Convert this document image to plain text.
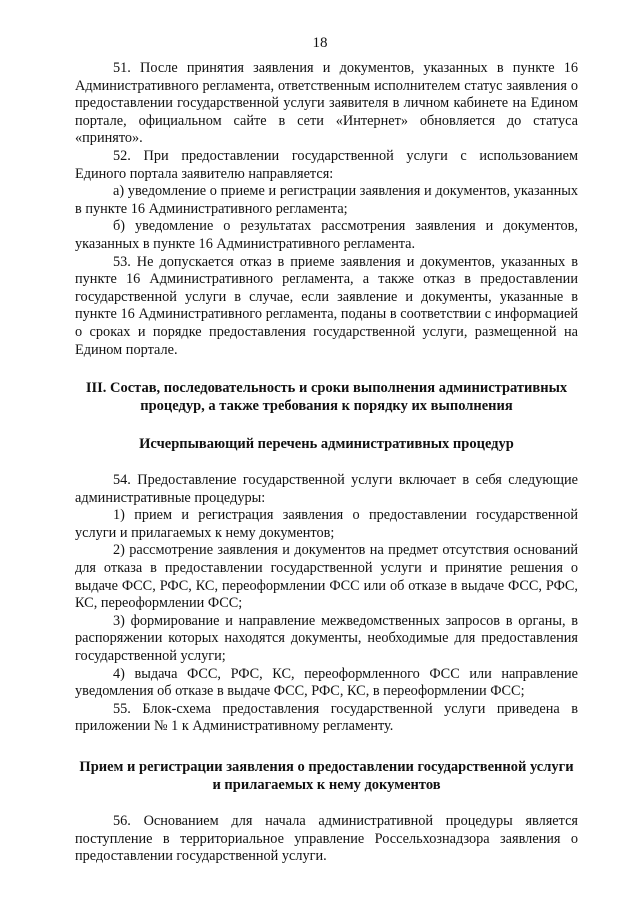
18

51. После принятия заявления и документов, указанных в пункте 16 Административного регламента, ответственным исполнителем статус заявления о предоставлении государственной услуги заявителя в личном кабинете на Едином портале, официальном сайте в сети «Интернет» обновляется до статуса «принято».

52. При предоставлении государственной услуги с использованием Единого портала заявителю направляется:

а) уведомление о приеме и регистрации заявления и документов, указанных в пункте 16 Административного регламента;

б) уведомление о результатах рассмотрения заявления и документов, указанных в пункте 16 Административного регламента.

53. Не допускается отказ в приеме заявления и документов, указанных в пункте 16 Административного регламента, а также отказ в предоставлении государственной услуги в случае, если заявление и документы, указанные в пункте 16 Административного регламента, поданы в соответствии с информацией о сроках и порядке предоставления государственной услуги, размещенной на Едином портале.

III. Состав, последовательность и сроки выполнения административных процедур, а также требования к порядку их выполнения
Исчерпывающий перечень административных процедур

54. Предоставление государственной услуги включает в себя следующие административные процедуры:

1) прием и регистрация заявления о предоставлении государственной услуги и прилагаемых к нему документов;

2) рассмотрение заявления и документов на предмет отсутствия оснований для отказа в предоставлении государственной услуги и принятие решения о выдаче ФСС, РФС, КС, переоформлении ФСС или об отказе в выдаче ФСС, РФС, КС, переоформлении ФСС;

3) формирование и направление межведомственных запросов в органы, в распоряжении которых находятся документы, необходимые для предоставления государственной услуги;

4) выдача ФСС, РФС, КС, переоформленного ФСС или направление уведомления об отказе в выдаче ФСС, РФС, КС, в переоформлении ФСС;

55. Блок-схема предоставления государственной услуги приведена в приложении № 1 к Административному регламенту.

Прием и регистрации заявления о предоставлении государственной услуги и прилагаемых к нему документов

56. Основанием для начала административной процедуры является поступление в территориальное управление Россельхознадзора заявления о предоставлении государственной услуги.
